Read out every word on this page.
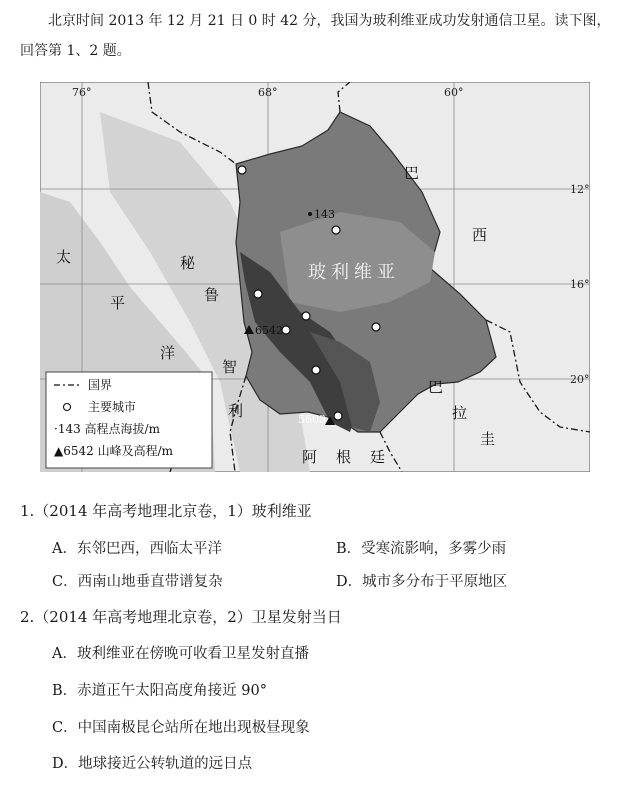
北京时间 2013 年 12 月 21 日 0 时 42 分，我国为玻利维亚成功发射通信卫星。读下图，
回答第 1、2 题。
143
6542
5603
76°	68°	60°
12°
16°
20°
玻利维亚
巴
西
秘
鲁
智
利
巴
拉
圭
阿 根 廷
太
平
洋
国界
主要城市
·143 高程点海拔/m
▲6542 山峰及高程/m
1.（2014 年高考地理北京卷，1）玻利维亚
A．东邻巴西，西临太平洋	B．受寒流影响，多雾少雨
C．西南山地垂直带谱复杂	D．城市多分布于平原地区
2.（2014 年高考地理北京卷，2）卫星发射当日
A．玻利维亚在傍晚可收看卫星发射直播
B．赤道正午太阳高度角接近 90°
C．中国南极昆仑站所在地出现极昼现象
D．地球接近公转轨道的远日点
